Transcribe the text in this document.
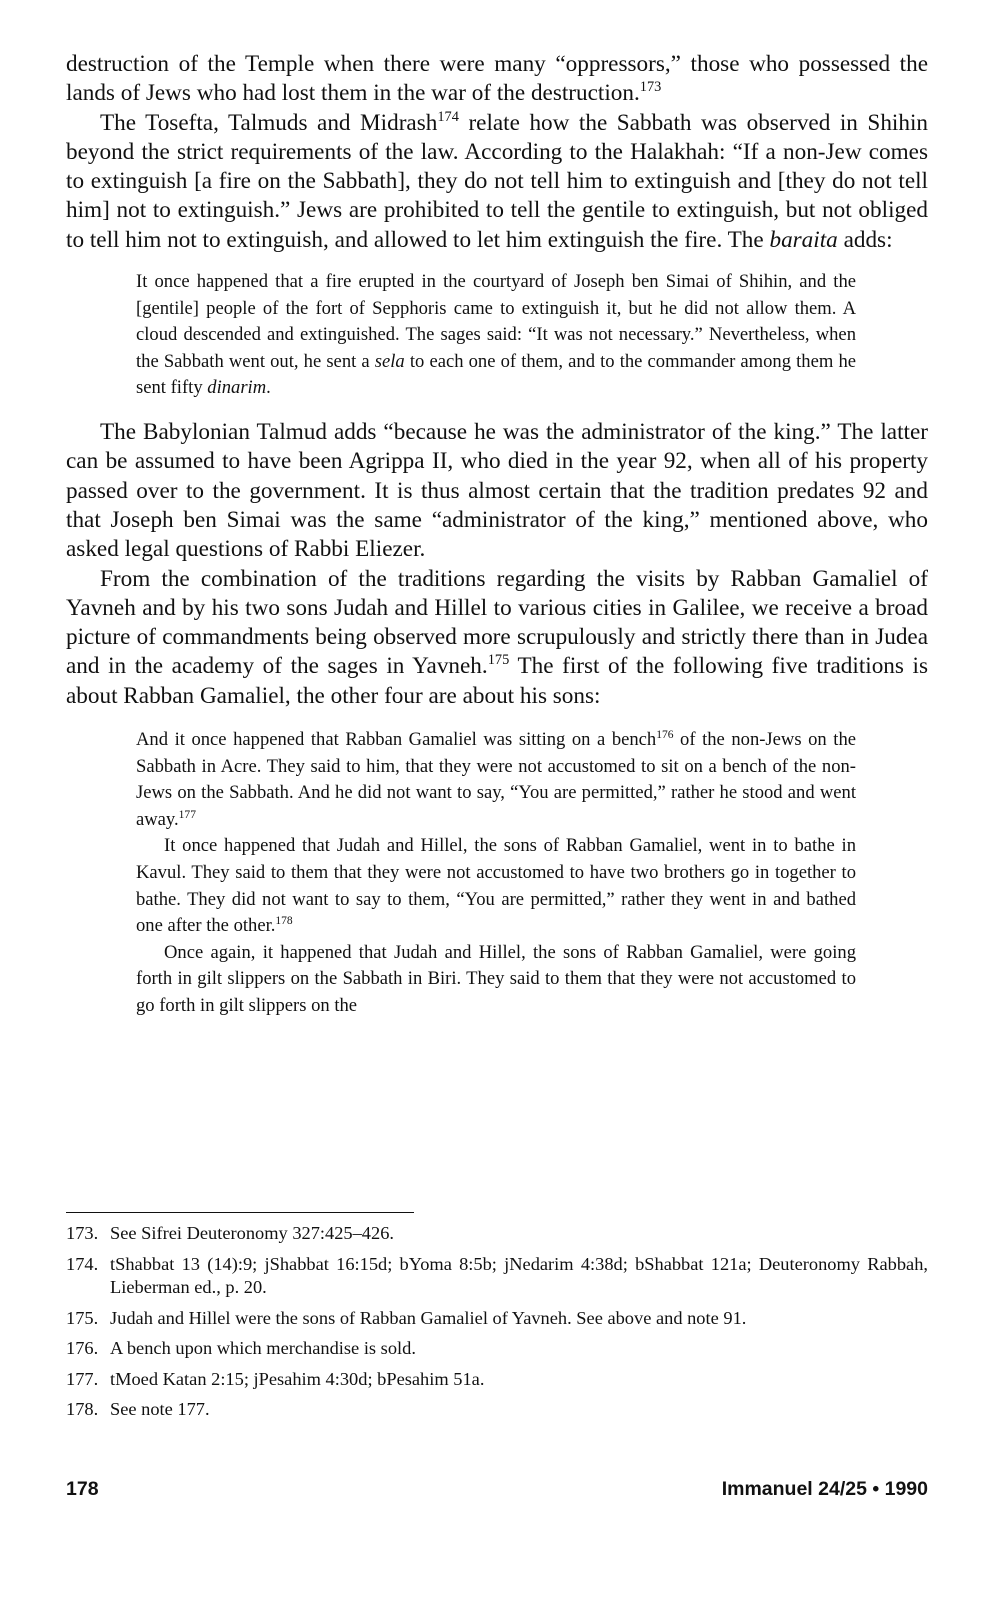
destruction of the Temple when there were many “oppressors,” those who possessed the lands of Jews who had lost them in the war of the destruction.$^{173}$

The Tosefta, Talmuds and Midrash$^{174}$ relate how the Sabbath was observed in Shihin beyond the strict requirements of the law. According to the Halakhah: “If a non-Jew comes to extinguish [a fire on the Sabbath], they do not tell him to extinguish and [they do not tell him] not to extinguish.” Jews are prohibited to tell the gentile to extinguish, but not obliged to tell him not to extinguish, and allowed to let him extinguish the fire. The baraita adds:

It once happened that a fire erupted in the courtyard of Joseph ben Simai of Shihin, and the [gentile] people of the fort of Sepphoris came to extinguish it, but he did not allow them. A cloud descended and extinguished. The sages said: “It was not necessary.” Nevertheless, when the Sabbath went out, he sent a sela to each one of them, and to the commander among them he sent fifty dinarim.

The Babylonian Talmud adds “because he was the administrator of the king.” The latter can be assumed to have been Agrippa II, who died in the year 92, when all of his property passed over to the government. It is thus almost certain that the tradition predates 92 and that Joseph ben Simai was the same “administrator of the king,” mentioned above, who asked legal questions of Rabbi Eliezer.

From the combination of the traditions regarding the visits by Rabban Gamaliel of Yavneh and by his two sons Judah and Hillel to various cities in Galilee, we receive a broad picture of commandments being observed more scrupulously and strictly there than in Judea and in the academy of the sages in Yavneh.$^{175}$ The first of the following five traditions is about Rabban Gamaliel, the other four are about his sons:

And it once happened that Rabban Gamaliel was sitting on a bench$^{176}$ of the non-Jews on the Sabbath in Acre. They said to him, that they were not accustomed to sit on a bench of the non-Jews on the Sabbath. And he did not want to say, “You are permitted,” rather he stood and went away.$^{177}$

It once happened that Judah and Hillel, the sons of Rabban Gamaliel, went in to bathe in Kavul. They said to them that they were not accustomed to have two brothers go in together to bathe. They did not want to say to them, “You are permitted,” rather they went in and bathed one after the other.$^{178}$

Once again, it happened that Judah and Hillel, the sons of Rabban Gamaliel, were going forth in gilt slippers on the Sabbath in Biri. They said to them that they were not accustomed to go forth in gilt slippers on the

173. See Sifrei Deuteronomy 327:425–426.
174. tShabbat 13 (14):9; jShabbat 16:15d; bYoma 8:5b; jNedarim 4:38d; bShabbat 121a; Deuteronomy Rabbah, Lieberman ed., p. 20.
175. Judah and Hillel were the sons of Rabban Gamaliel of Yavneh. See above and note 91.
176. A bench upon which merchandise is sold.
177. tMoed Katan 2:15; jPesahim 4:30d; bPesahim 51a.
178. See note 177.
178	Immanuel 24/25 • 1990
